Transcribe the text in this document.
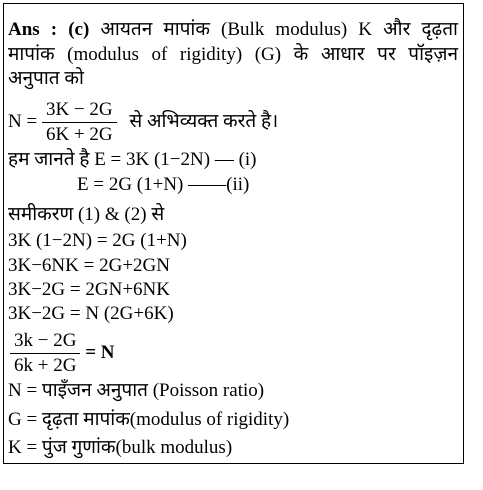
Ans : (c) आयतन मापांक (Bulk modulus) K और दृढ़ता
मापांक (modulus of rigidity) (G) के आधार पर पॉइज़न
अनुपात को
$N = \frac{3K - 2G}{6K + 2G}$ से अभिव्यक्त करते है।
हम जानते है E = 3K (1−2N) — (i)
E = 2G (1+N) ——(ii)
समीकरण (1) & (2) से
3K (1−2N) = 2G (1+N)
3K−6NK = 2G+2GN
3K−2G = 2GN+6NK
3K−2G = N (2G+6K)
$\frac{3k - 2G}{6k + 2G} = N$
N = पाइँजन अनुपात (Poisson ratio)
G = दृढ़ता मापांक(modulus of rigidity)
K = पुंज गुणांक(bulk modulus)
